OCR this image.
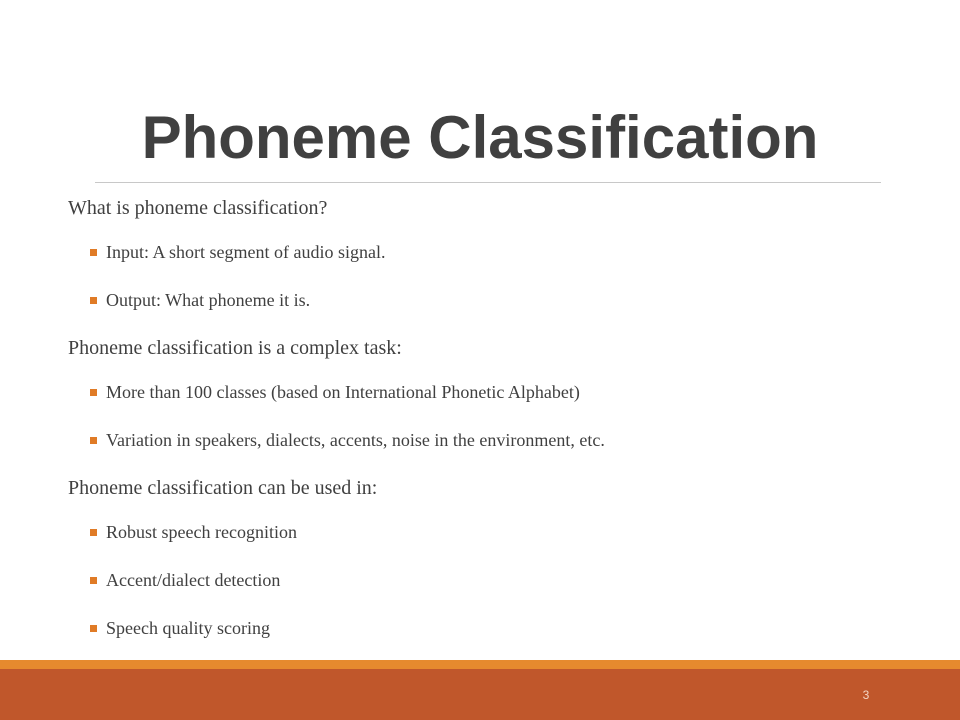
Phoneme Classification
What is phoneme classification?
Input: A short segment of audio signal.
Output: What phoneme it is.
Phoneme classification is a complex task:
More than 100 classes (based on International Phonetic Alphabet)
Variation in speakers, dialects, accents, noise in the environment, etc.
Phoneme classification can be used in:
Robust speech recognition
Accent/dialect detection
Speech quality scoring
3
